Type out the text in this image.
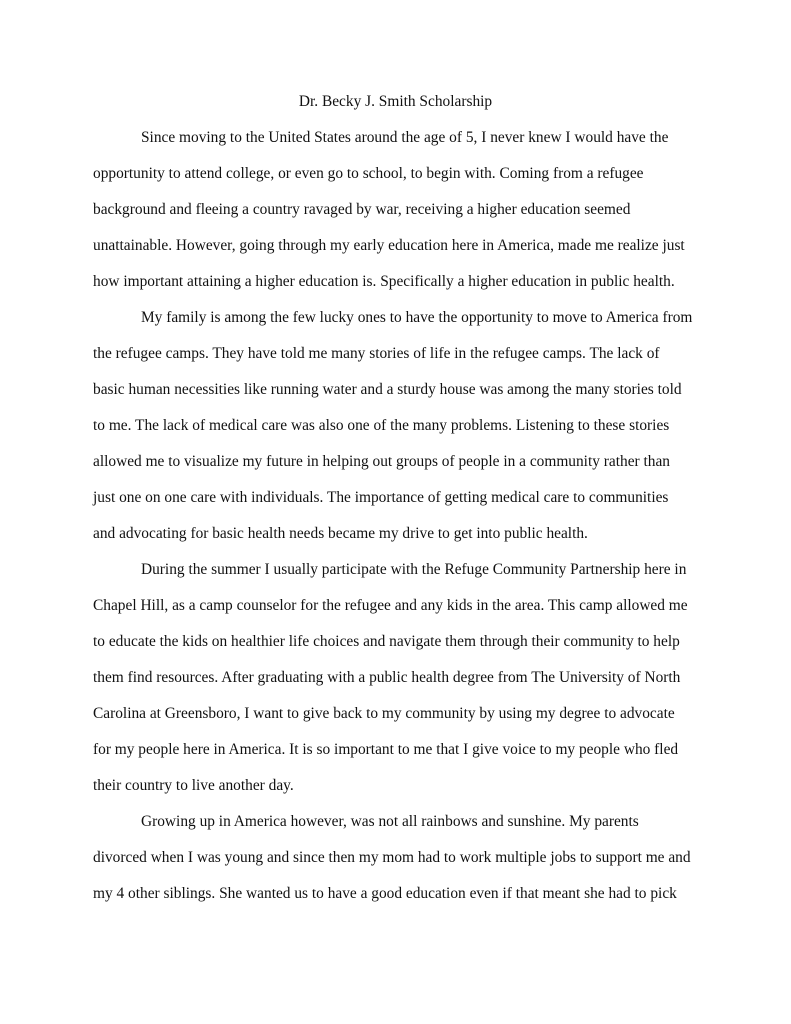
Dr. Becky J. Smith Scholarship

Since moving to the United States around the age of 5, I never knew I would have the

opportunity to attend college, or even go to school, to begin with. Coming from a refugee

background and fleeing a country ravaged by war, receiving a higher education seemed

unattainable. However, going through my early education here in America, made me realize just

how important attaining a higher education is. Specifically a higher education in public health.

My family is among the few lucky ones to have the opportunity to move to America from

the refugee camps. They have told me many stories of life in the refugee camps. The lack of

basic human necessities like running water and a sturdy house was among the many stories told

to me. The lack of medical care was also one of the many problems. Listening to these stories

allowed me to visualize my future in helping out groups of people in a community rather than

just one on one care with individuals. The importance of getting medical care to communities

and advocating for basic health needs became my drive to get into public health.

During the summer I usually participate with the Refuge Community Partnership here in

Chapel Hill, as a camp counselor for the refugee and any kids in the area. This camp allowed me

to educate the kids on healthier life choices and navigate them through their community to help

them find resources. After graduating with a public health degree from The University of North

Carolina at Greensboro, I want to give back to my community by using my degree to advocate

for my people here in America. It is so important to me that I give voice to my people who fled

their country to live another day.

Growing up in America however, was not all rainbows and sunshine. My parents

divorced when I was young and since then my mom had to work multiple jobs to support me and

my 4 other siblings. She wanted us to have a good education even if that meant she had to pick
